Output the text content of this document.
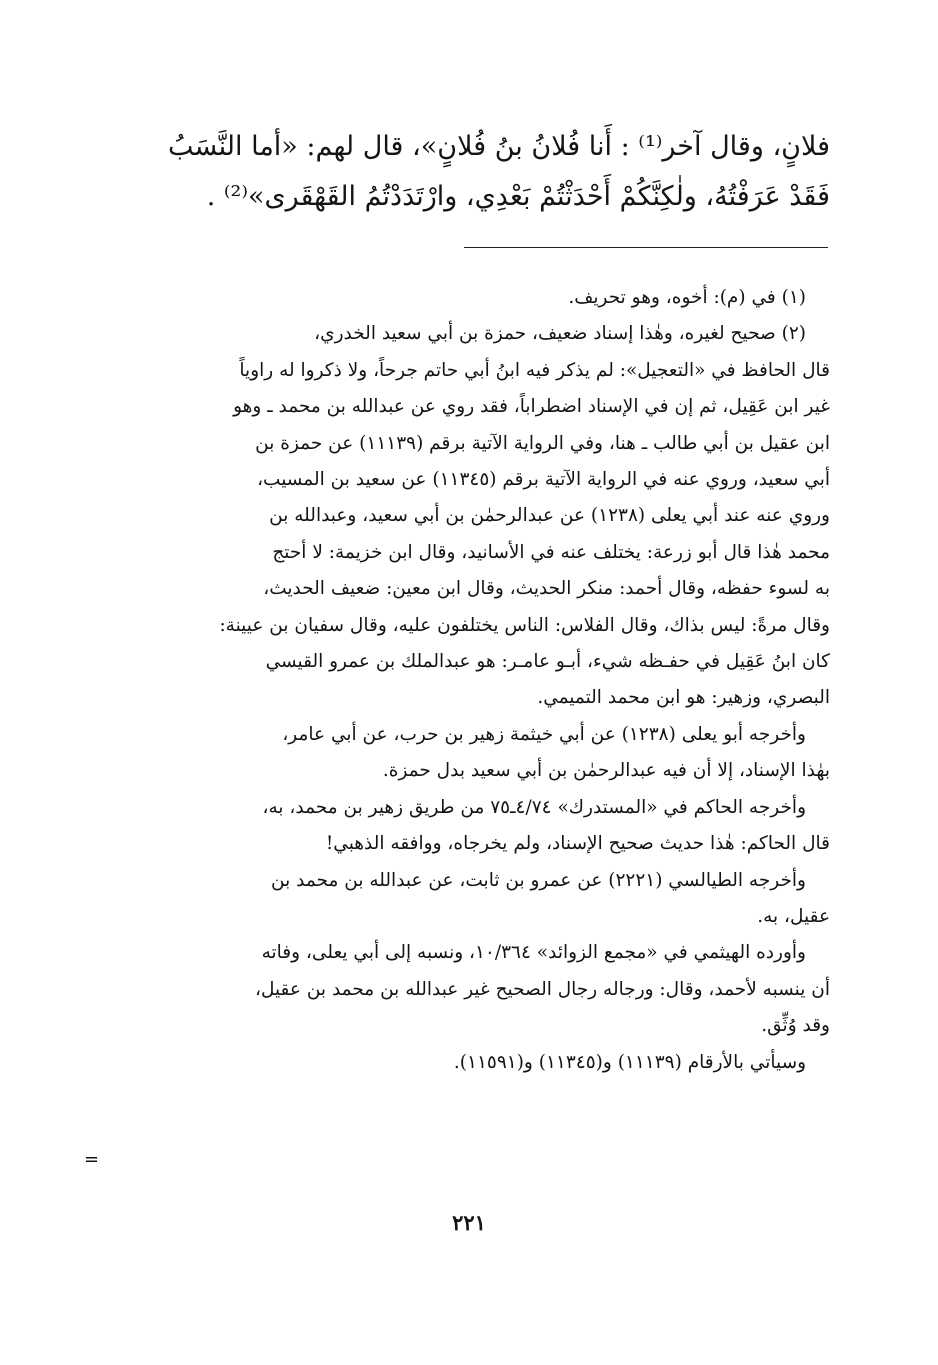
فلانٍ، وقال آخر⁽¹⁾ : أَنا فُلانُ بنُ فُلانٍ»، قال لهم: «أما النَّسَبُ

فَقَدْ عَرَفْتُهُ، ولٰكِنَّكُمْ أَحْدَثْتُمْ بَعْدِي، وارْتَدَدْتُمُ القَهْقَرى»⁽²⁾ .

(١) في (م): أخوه، وهو تحريف.

(٢) صحيح لغيره، وهٰذا إسناد ضعيف، حمزة بن أبي سعيد الخدري،

قال الحافظ في «التعجيل»: لم يذكر فيه ابنُ أبي حاتم جرحاً، ولا ذكروا له راوياً

غير ابن عَقِيل، ثم إن في الإسناد اضطراباً، فقد روي عن عبدالله بن محمد ـ وهو

ابن عقيل بن أبي طالب ـ هنا، وفي الرواية الآتية برقم (١١١٣٩) عن حمزة بن

أبي سعيد، وروي عنه في الرواية الآتية برقم (١١٣٤٥) عن سعيد بن المسيب،

وروي عنه عند أبي يعلى (١٢٣٨) عن عبدالرحمٰن بن أبي سعيد، وعبدالله بن

محمد هٰذا قال أبو زرعة: يختلف عنه في الأسانيد، وقال ابن خزيمة: لا أحتج

به لسوء حفظه، وقال أحمد: منكر الحديث، وقال ابن معين: ضعيف الحديث،

وقال مرةً: ليس بذاك، وقال الفلاس: الناس يختلفون عليه، وقال سفيان بن عيينة:

كان ابنُ عَقِيل في حفـظه شيء، أبـو عامـر: هو عبدالملك بن عمرو القيسي

البصري، وزهير: هو ابن محمد التميمي.

وأخرجه أبو يعلى (١٢٣٨) عن أبي خيثمة زهير بن حرب، عن أبي عامر،

بهٰذا الإسناد، إلا أن فيه عبدالرحمٰن بن أبي سعيد بدل حمزة.

وأخرجه الحاكم في «المستدرك» ٤/٧٤ـ٧٥ من طريق زهير بن محمد، به،

قال الحاكم: هٰذا حديث صحيح الإسناد، ولم يخرجاه، ووافقه الذهبي!

وأخرجه الطيالسي (٢٢٢١) عن عمرو بن ثابت، عن عبدالله بن محمد بن

عقيل، به.

وأورده الهيثمي في «مجمع الزوائد» ١٠/٣٦٤، ونسبه إلى أبي يعلى، وفاته

أن ينسبه لأحمد، وقال: ورجاله رجال الصحيح غير عبدالله بن محمد بن عقيل،

وقد وُثِّق.

وسيأتي بالأرقام (١١١٣٩) و(١١٣٤٥) و(١١٥٩١).

٢٢١
=
